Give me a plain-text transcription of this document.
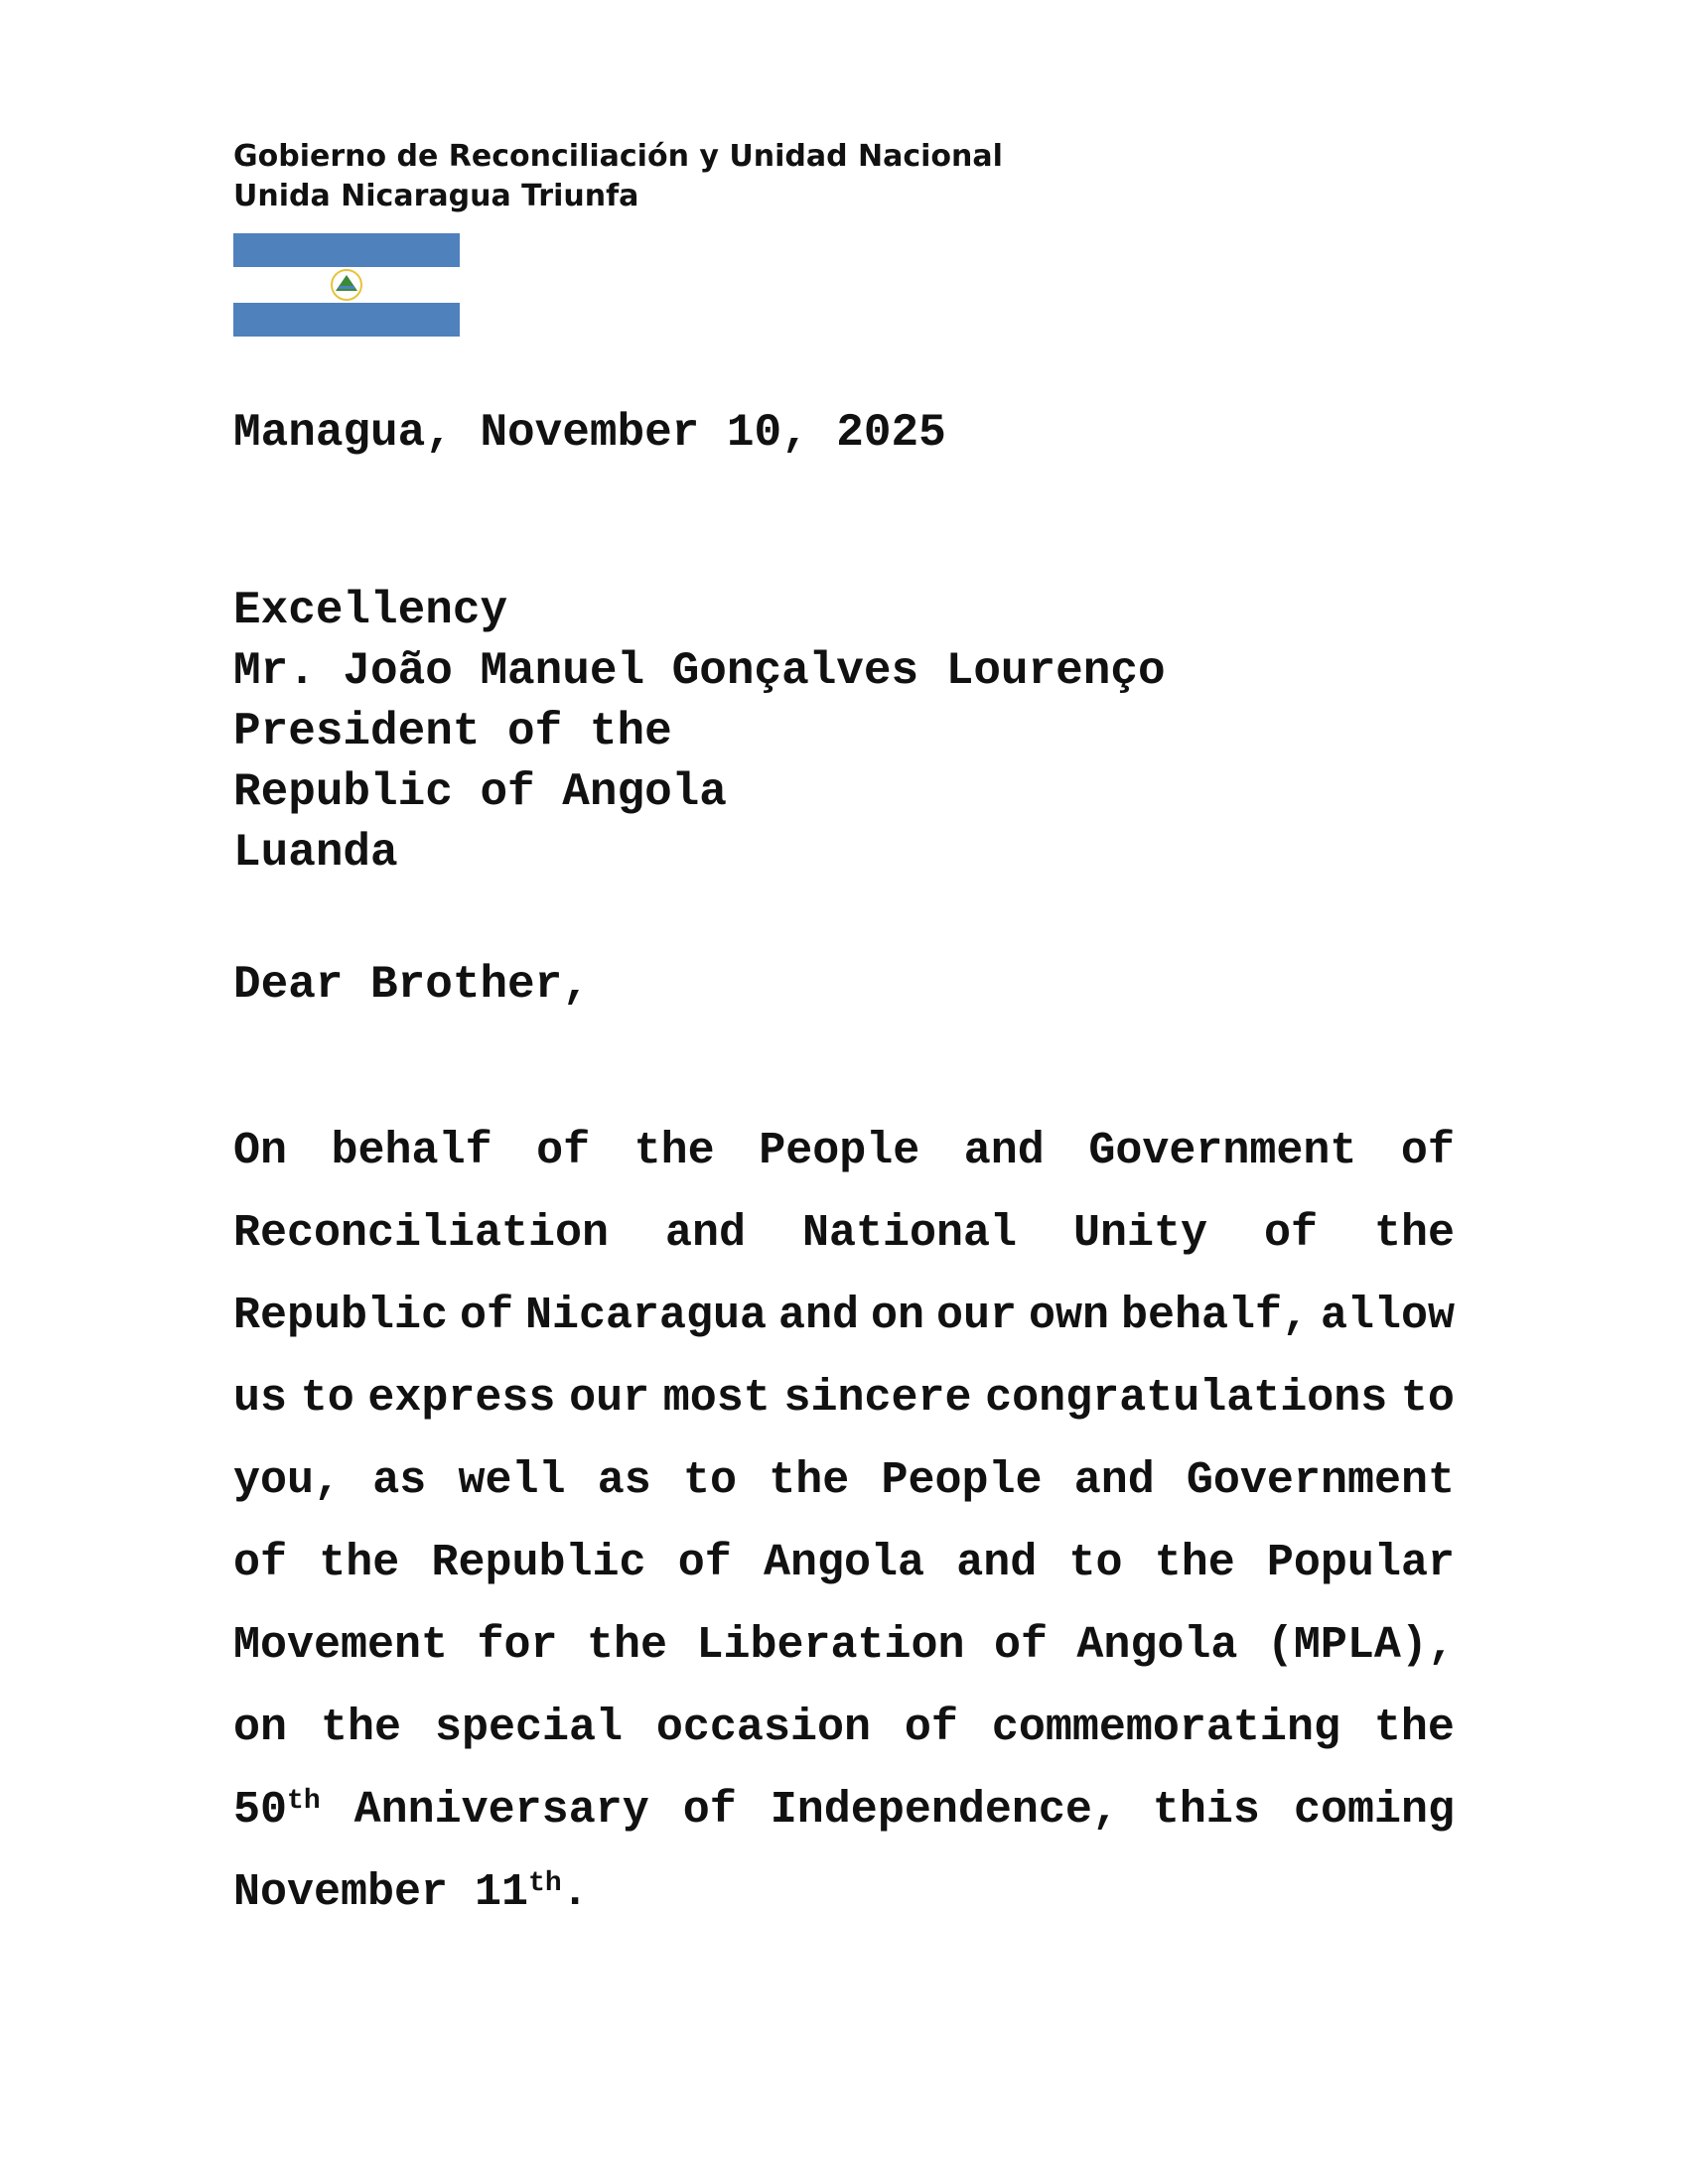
Gobierno de Reconciliación y Unidad Nacional
Unida Nicaragua Triunfa
Managua, November 10, 2025
Excellency
Mr. João Manuel Gonçalves Lourenço
President of the
Republic of Angola
Luanda
Dear Brother,
On behalf of the People and Government of
Reconciliation and National Unity of the
Republic of Nicaragua and on our own behalf, allow
us to express our most sincere congratulations to
you, as well as to the People and Government
of the Republic of Angola and to the Popular
Movement for the Liberation of Angola (MPLA),
on the special occasion of commemorating the
50th Anniversary of Independence, this coming
November 11th.
